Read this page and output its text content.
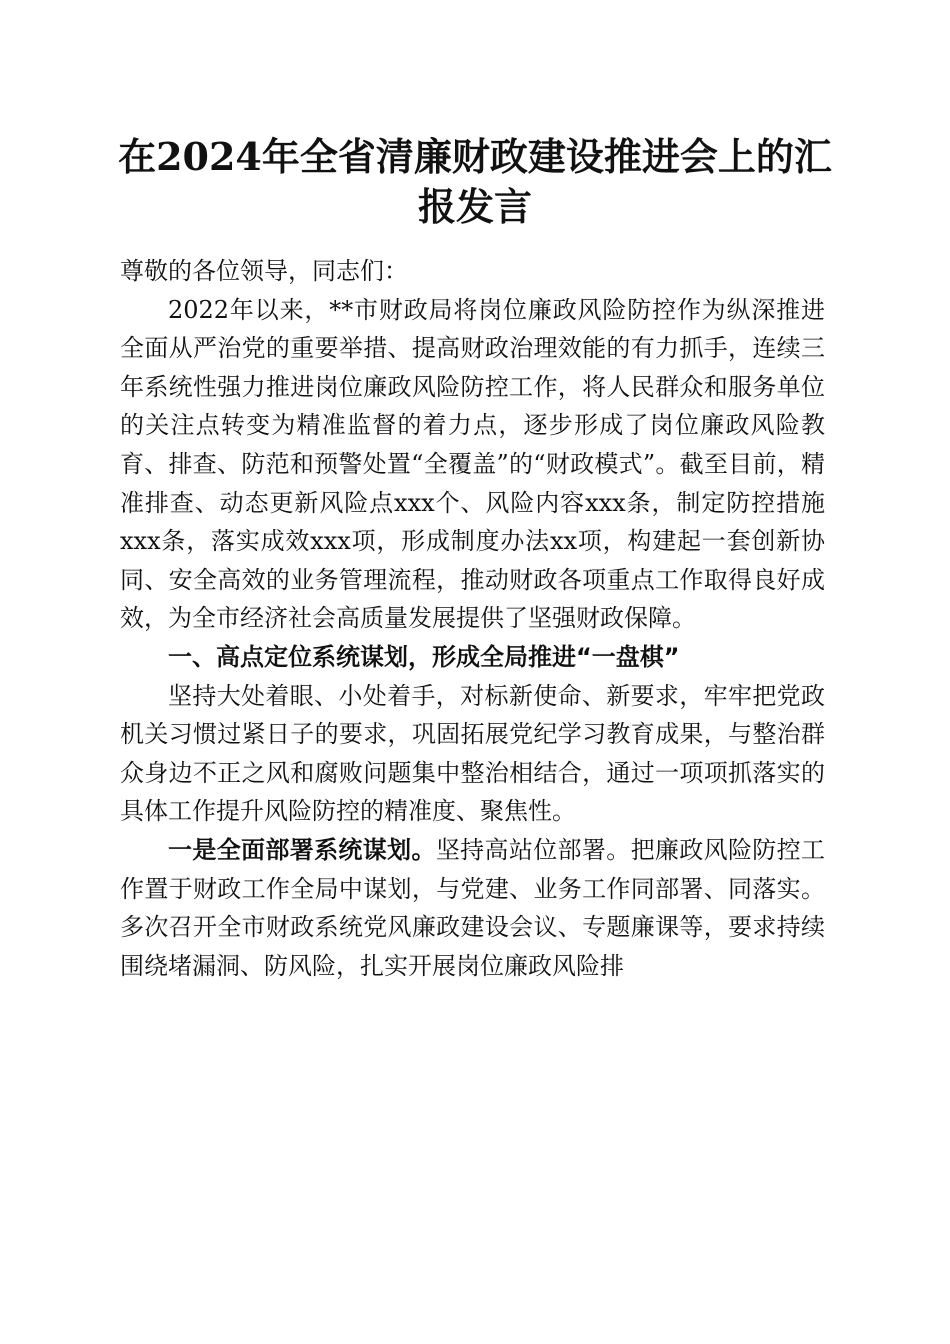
在2024年全省清廉财政建设推进会上的汇报发言

尊敬的各位领导，同志们：

2022年以来，**市财政局将岗位廉政风险防控作为纵深推进全面从严治党的重要举措、提高财政治理效能的有力抓手，连续三年系统性强力推进岗位廉政风险防控工作，将人民群众和服务单位的关注点转变为精准监督的着力点，逐步形成了岗位廉政风险教育、排查、防范和预警处置“全覆盖”的“财政模式”。截至目前，精准排查、动态更新风险点xxx个、风险内容xxx条，制定防控措施xxx条，落实成效xxx项，形成制度办法xx项，构建起一套创新协同、安全高效的业务管理流程，推动财政各项重点工作取得良好成效，为全市经济社会高质量发展提供了坚强财政保障。

一、高点定位系统谋划，形成全局推进“一盘棋”

坚持大处着眼、小处着手，对标新使命、新要求，牢牢把党政机关习惯过紧日子的要求，巩固拓展党纪学习教育成果，与整治群众身边不正之风和腐败问题集中整治相结合，通过一项项抓落实的具体工作提升风险防控的精准度、聚焦性。

一是全面部署系统谋划。坚持高站位部署。把廉政风险防控工作置于财政工作全局中谋划，与党建、业务工作同部署、同落实。多次召开全市财政系统党风廉政建设会议、专题廉课等，要求持续围绕堵漏洞、防风险，扎实开展岗位廉政风险排
